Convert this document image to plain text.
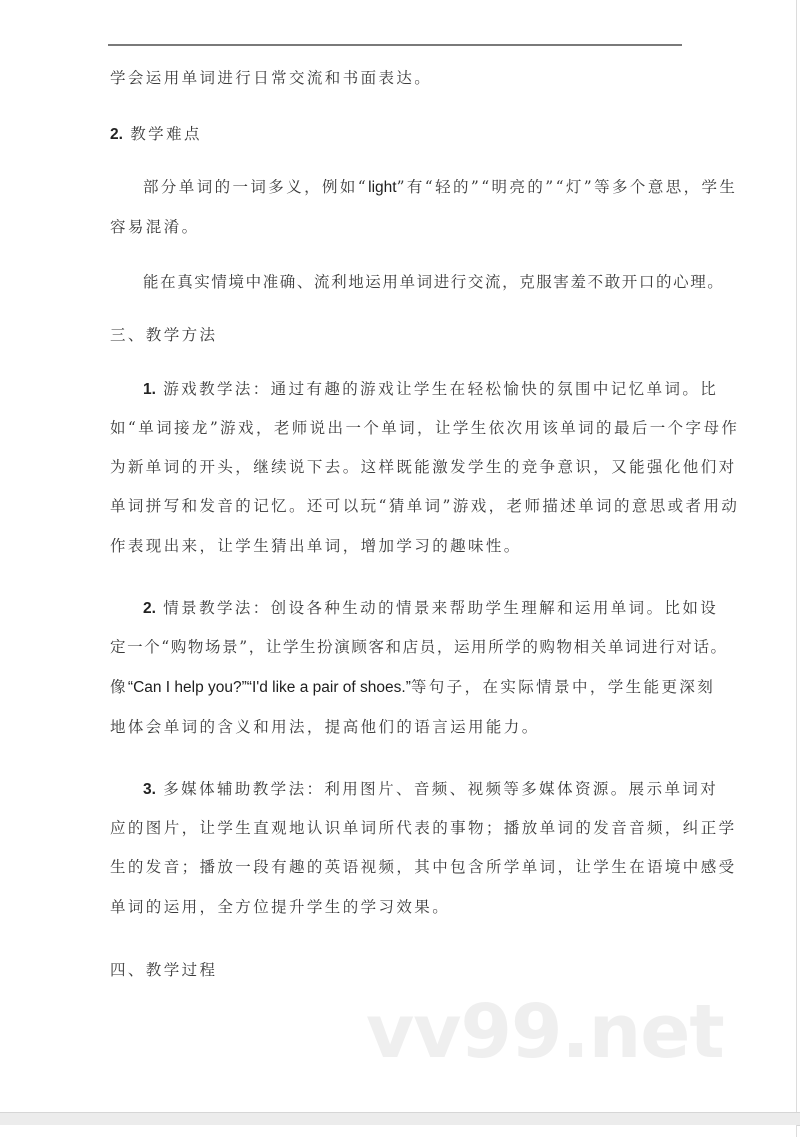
学会运用单词进行日常交流和书面表达。
2. 教学难点
部分单词的一词多义，例如“light”有“轻的”“明亮的”“灯”等多个意思，学生
容易混淆。
能在真实情境中准确、流利地运用单词进行交流，克服害羞不敢开口的心理。
三、教学方法
1. 游戏教学法：通过有趣的游戏让学生在轻松愉快的氛围中记忆单词。比
如“单词接龙”游戏，老师说出一个单词，让学生依次用该单词的最后一个字母作
为新单词的开头，继续说下去。这样既能激发学生的竞争意识，又能强化他们对
单词拼写和发音的记忆。还可以玩“猜单词”游戏，老师描述单词的意思或者用动
作表现出来，让学生猜出单词，增加学习的趣味性。
2. 情景教学法：创设各种生动的情景来帮助学生理解和运用单词。比如设
定一个“购物场景”，让学生扮演顾客和店员，运用所学的购物相关单词进行对话。
像“Can I help you?”“I'd like a pair of shoes.”等句子，在实际情景中，学生能更深刻
地体会单词的含义和用法，提高他们的语言运用能力。
3. 多媒体辅助教学法：利用图片、音频、视频等多媒体资源。展示单词对
应的图片，让学生直观地认识单词所代表的事物；播放单词的发音音频，纠正学
生的发音；播放一段有趣的英语视频，其中包含所学单词，让学生在语境中感受
单词的运用，全方位提升学生的学习效果。
四、教学过程
vv99.net
